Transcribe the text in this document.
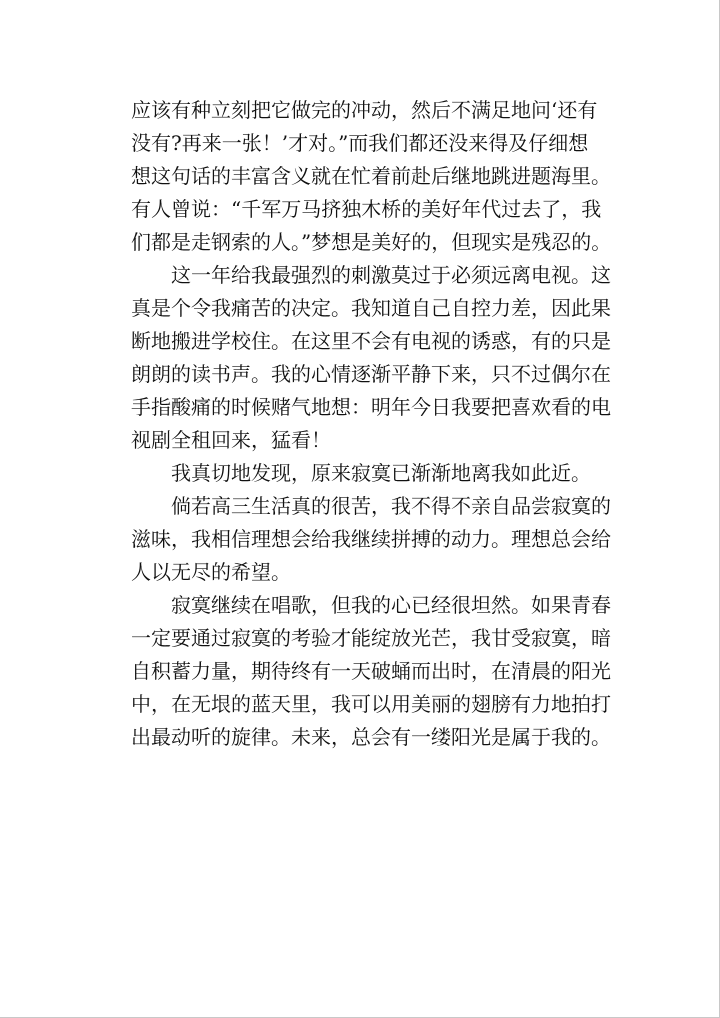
应该有种立刻把它做完的冲动，然后不满足地问‘还有
没有?再来一张！’才对。”而我们都还没来得及仔细想
想这句话的丰富含义就在忙着前赴后继地跳进题海里。
有人曾说：“千军万马挤独木桥的美好年代过去了，我
们都是走钢索的人。”梦想是美好的，但现实是残忍的。
这一年给我最强烈的刺激莫过于必须远离电视。这
真是个令我痛苦的决定。我知道自己自控力差，因此果
断地搬进学校住。在这里不会有电视的诱惑，有的只是
朗朗的读书声。我的心情逐渐平静下来，只不过偶尔在
手指酸痛的时候赌气地想：明年今日我要把喜欢看的电
视剧全租回来，猛看！
我真切地发现，原来寂寞已渐渐地离我如此近。
倘若高三生活真的很苦，我不得不亲自品尝寂寞的
滋味，我相信理想会给我继续拼搏的动力。理想总会给
人以无尽的希望。
寂寞继续在唱歌，但我的心已经很坦然。如果青春
一定要通过寂寞的考验才能绽放光芒，我甘受寂寞，暗
自积蓄力量，期待终有一天破蛹而出时，在清晨的阳光
中，在无垠的蓝天里，我可以用美丽的翅膀有力地拍打
出最动听的旋律。未来，总会有一缕阳光是属于我的。
